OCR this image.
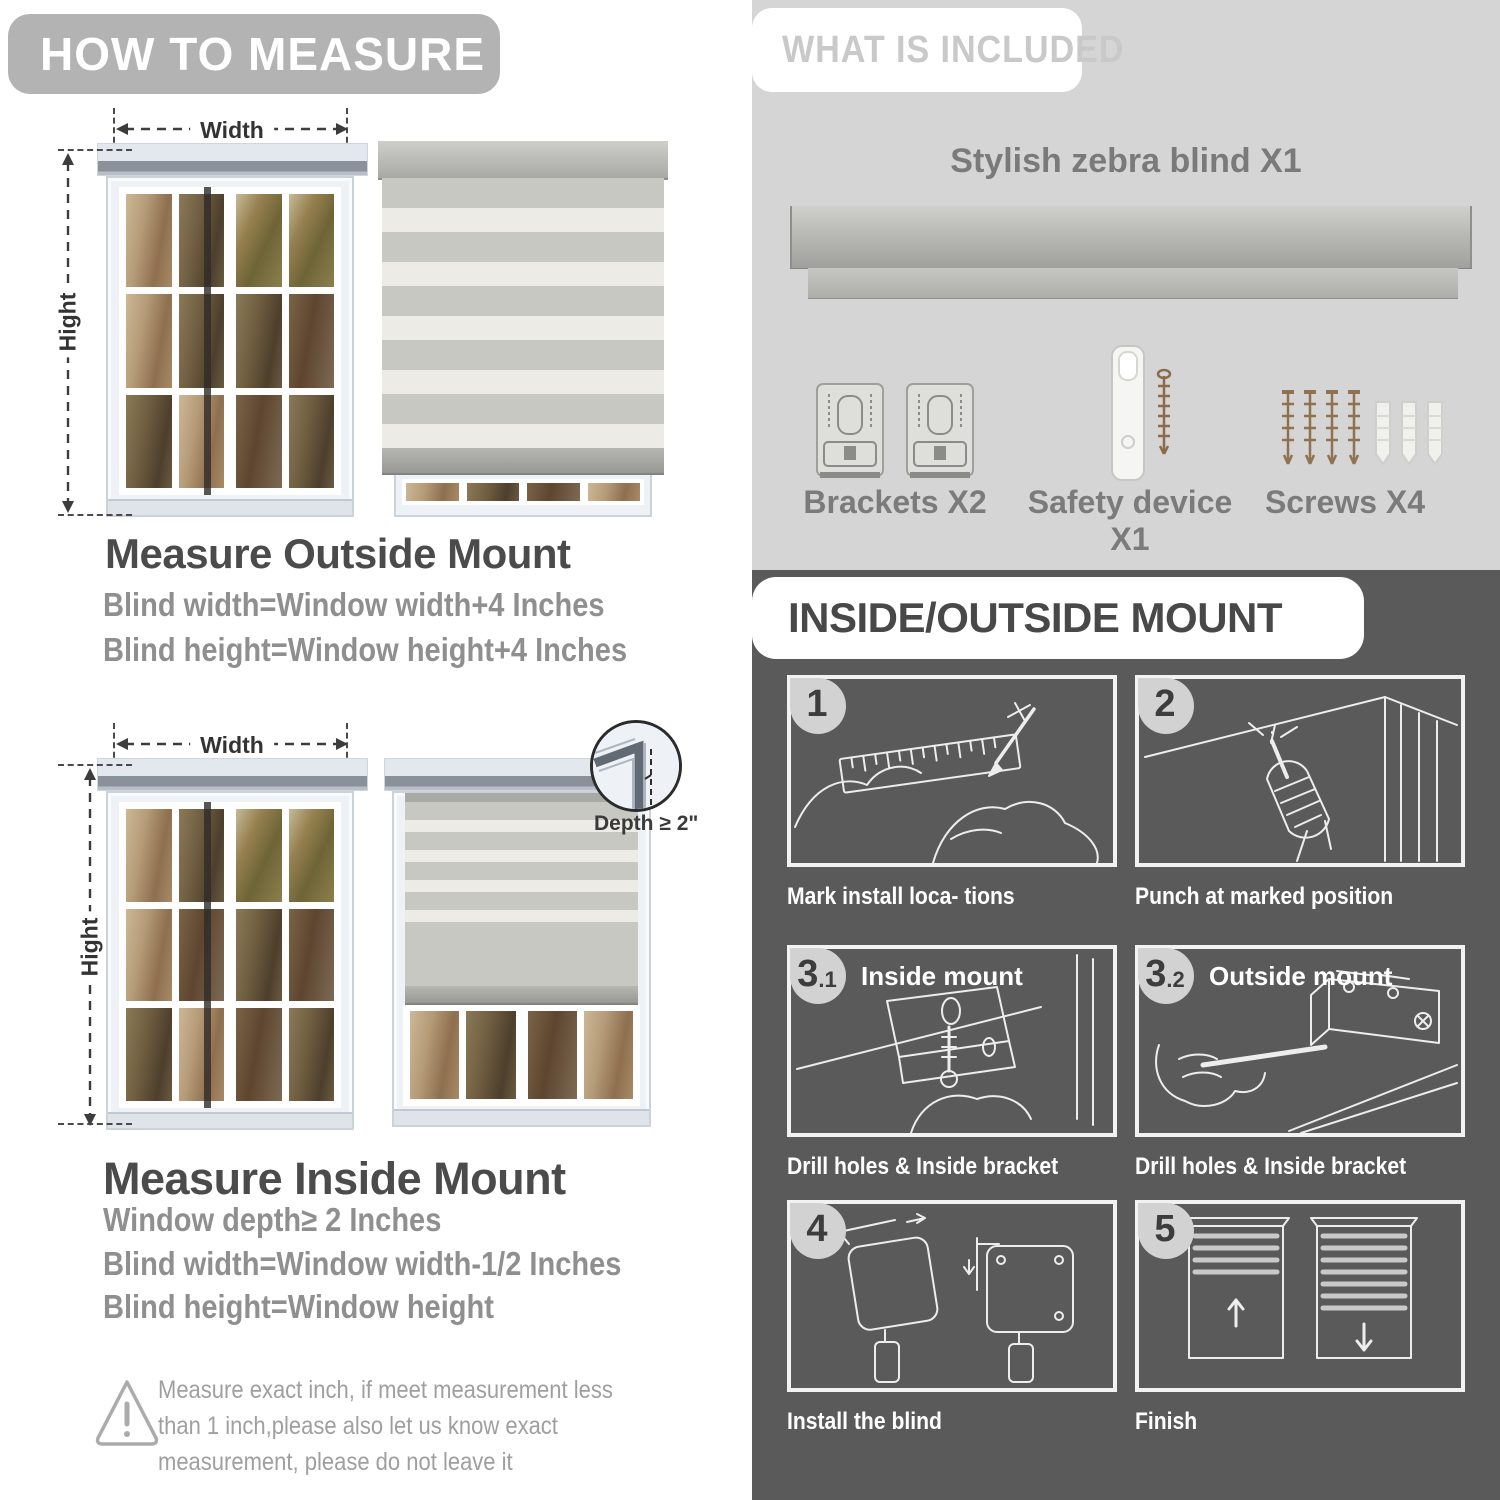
HOW TO MEASURE
Width
Hight
Measure Outside Mount

Blind width=Window width+4 Inches

Blind height=Window height+4 Inches

Width
Hight
Depth ≥ 2"
Measure Inside Mount

Window depth≥ 2 Inches

Blind width=Window width-1/2 Inches

Blind height=Window height

Measure exact inch, if meet measurement less
than 1 inch,please also let us know exact
measurement, please do not leave it
WHAT IS INCLUDED
Stylish zebra blind X1
Brackets X2	Safety device X1
Screws X4
INSIDE/OUTSIDE MOUNT
1
Mark install loca- tions
2
Punch at marked position
3 .1 Inside mount
Drill holes & Inside bracket
3 .2 Outside mount
Drill holes & Inside bracket
4
Install the blind
5
Finish
